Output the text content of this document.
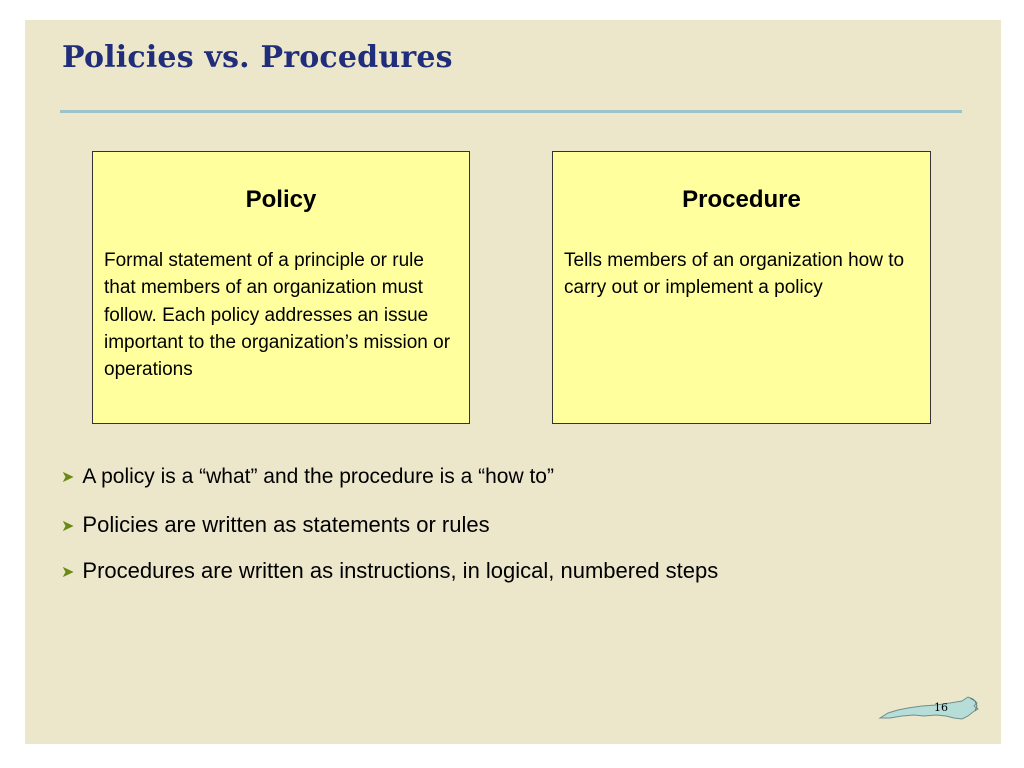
Policies vs. Procedures
Policy
Formal statement of a principle or rule that members of an organization must follow. Each policy addresses an issue important to the organization’s mission or operations
Procedure
Tells members of an organization how to carry out or implement a policy
➤ A policy is a “what” and the procedure is a “how to”
➤ Policies are written as statements or rules
➤ Procedures are written as instructions, in logical, numbered steps
16
